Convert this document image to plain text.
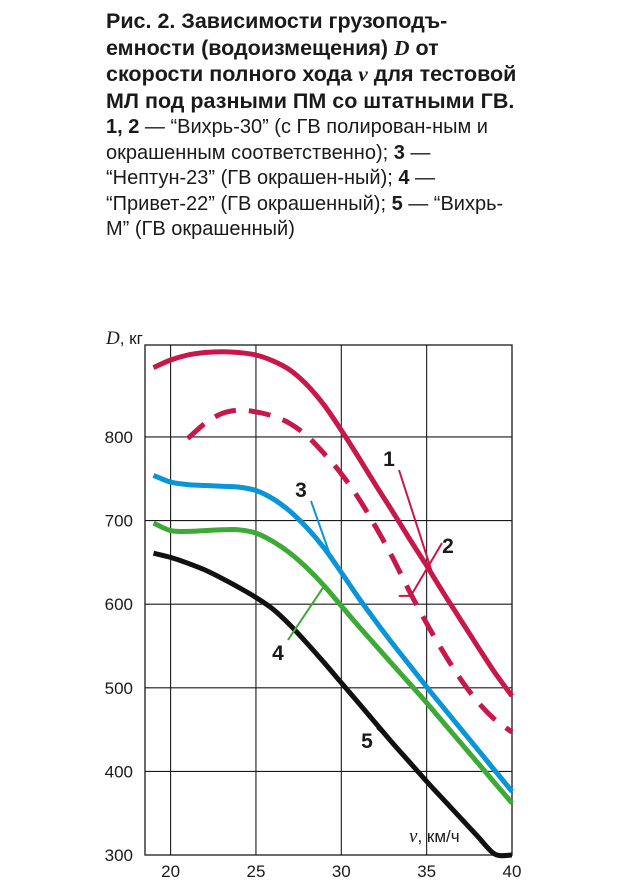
Рис. 2. Зависимости грузоподъ-емности (водоизмещения) D от скорости полного хода v для тестовой МЛ под разными ПМ со штатными ГВ.

1, 2 — “Вихрь-30” (с ГВ полирован-ным и окрашенным соответственно); 3 — “Нептун-23” (ГВ окрашен-ный); 4 — “Привет-22” (ГВ окрашенный); 5 — “Вихрь-М” (ГВ окрашенный)

1
2
3
4
5
20	25	30	35	40
300
400
500
600
700
800
D, кг
v, км/ч
